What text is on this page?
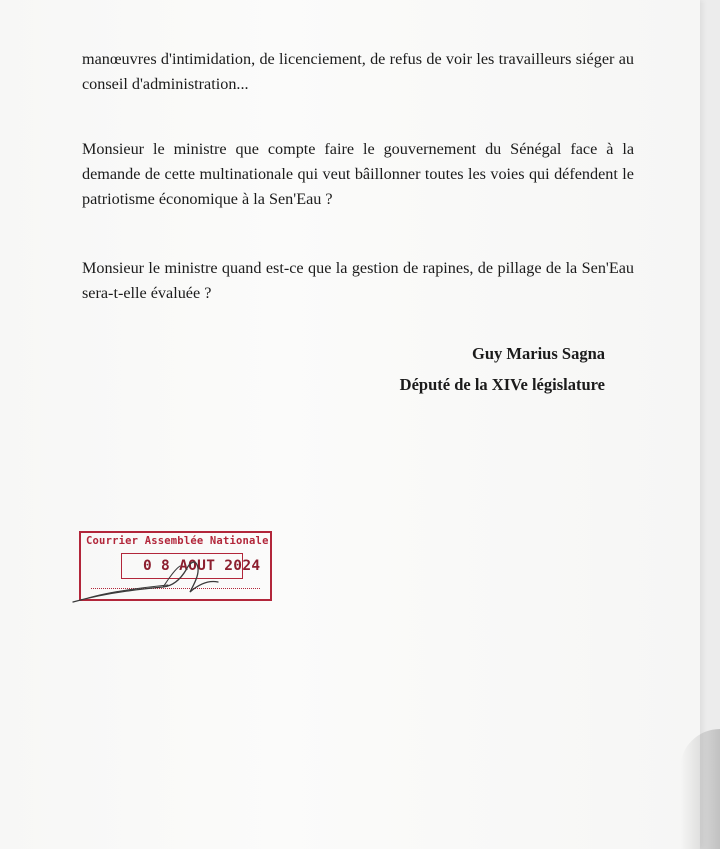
manœuvres d'intimidation, de licenciement, de refus de voir les travailleurs siéger au conseil d'administration...

Monsieur le ministre que compte faire le gouvernement du Sénégal face à la demande de cette multinationale qui veut bâillonner toutes les voies qui défendent le patriotisme économique à la Sen'Eau ?

Monsieur le ministre quand est-ce que la gestion de rapines, de pillage de la Sen'Eau sera-t-elle évaluée ?

Guy Marius Sagna
Député de la XIVe législature
Courrier Assemblée Nationale
0 8 AOUT 2024
